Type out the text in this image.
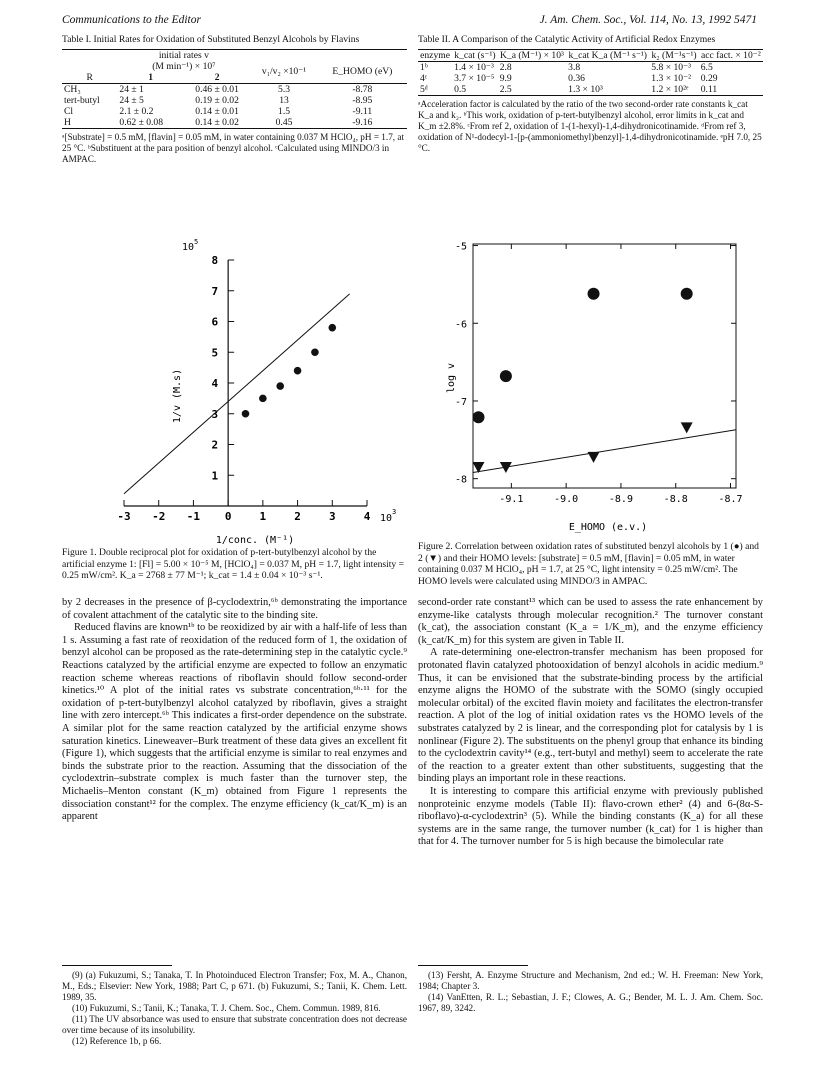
Communications to the Editor	J. Am. Chem. Soc., Vol. 114, No. 13, 1992 5471
Table I. Initial Rates for Oxidation of Substituted Benzyl Alcohols by Flavins
	initial rates v			
	(M min⁻¹) × 10⁷		v₁/v₂ ×10⁻¹	E_HOMO (eV)
R	1	2		
CH₃	24 ± 1	0.46 ± 0.01	5.3	-8.78
tert-butyl	24 ± 5	0.19 ± 0.02	13	-8.95
Cl	2.1 ± 0.2	0.14 ± 0.01	1.5	-9.11
H	0.62 ± 0.08	0.14 ± 0.02	0.45	-9.16
ᵃ[Substrate] = 0.5 mM, [flavin] = 0.05 mM, in water containing 0.037 M HClO₄, pH = 1.7, at 25 °C. ᵇSubstituent at the para position of benzyl alcohol. ᶜCalculated using MINDO/3 in AMPAC.
10 5
10
3
1/v (M.s)
1/conc. (M⁻¹)
-3 -2 -1 0	1	2	3	4
1
2
3
4
5
6
7
8
Figure 1. Double reciprocal plot for oxidation of p-tert-butylbenzyl alcohol by the artificial enzyme 1: [Fl] = 5.00 × 10⁻⁵ M, [HClO₄] = 0.037 M, pH = 1.7, light intensity = 0.25 mW/cm². K_a = 2768 ± 77 M⁻¹; k_cat = 1.4 ± 0.04 × 10⁻³ s⁻¹.

by 2 decreases in the presence of β-cyclodextrin,⁶ᵇ demonstrating the importance of covalent attachment of the catalytic site to the binding site.

Reduced flavins are known¹ᵇ to be reoxidized by air with a half-life of less than 1 s. Assuming a fast rate of reoxidation of the reduced form of 1, the oxidation of benzyl alcohol can be proposed as the rate-determining step in the catalytic cycle.⁹ Reactions catalyzed by the artificial enzyme are expected to follow an enzymatic reaction scheme whereas reactions of riboflavin should follow second-order kinetics.¹⁰ A plot of the initial rates vs substrate concentration,⁶ᵇ·¹¹ for the oxidation of p-tert-butylbenzyl alcohol catalyzed by riboflavin, gives a straight line with zero intercept.⁶ᵇ This indicates a first-order dependence on the substrate. A similar plot for the same reaction catalyzed by the artificial enzyme shows saturation kinetics. Lineweaver–Burk treatment of these data gives an excellent fit (Figure 1), which suggests that the artificial enzyme is similar to real enzymes and binds the substrate prior to the reaction. Assuming that the dissociation of the cyclodextrin–substrate complex is much faster than the turnover step, the Michaelis–Menton constant (K_m) obtained from Figure 1 represents the dissociation constant¹² for the complex. The enzyme efficiency (k_cat/K_m) is an apparent

(9) (a) Fukuzumi, S.; Tanaka, T. In Photoinduced Electron Transfer; Fox, M. A., Chanon, M., Eds.; Elsevier: New York, 1988; Part C, p 671. (b) Fukuzumi, S.; Tanii, K. Chem. Lett. 1989, 35.
(10) Fukuzumi, S.; Tanii, K.; Tanaka, T. J. Chem. Soc., Chem. Commun. 1989, 816.
(11) The UV absorbance was used to ensure that substrate concentration does not decrease over time because of its insolubility.
(12) Reference 1b, p 66.
Table II. A Comparison of the Catalytic Activity of Artificial Redox Enzymes
enzyme	k_cat (s⁻¹)	K_a (M⁻¹) × 10³	k_cat K_a (M⁻¹ s⁻¹)	k₂ (M⁻¹s⁻¹)	acc fact. × 10⁻²
1ᵇ	1.4 × 10⁻³	2.8	3.8	5.8 × 10⁻³	6.5
4ᶜ	3.7 × 10⁻⁵	9.9	0.36	1.3 × 10⁻²	0.29
5ᵈ	0.5	2.5	1.3 × 10³	1.2 × 10²ᵉ	0.11
ᵃAcceleration factor is calculated by the ratio of the two second-order rate constants k_cat K_a and k₂. ᵇThis work, oxidation of p-tert-butylbenzyl alcohol, error limits in k_cat and K_m ±2.8%. ᶜFrom ref 2, oxidation of 1-(1-hexyl)-1,4-dihydronicotinamide. ᵈFrom ref 3, oxidation of N¹-dodecyl-1-[p-(ammoniomethyl)benzyl]-1,4-dihydronicotinamide. ᵉpH 7.0, 25 °C.
log v
E_HOMO (e.v.)
-9.1	-9.0	-8.9	-8.8	-8.7
-5
-6
-7
-8
Figure 2. Correlation between oxidation rates of substituted benzyl alcohols by 1 (●) and 2 (▼) and their HOMO levels: [substrate] = 0.5 mM, [flavin] = 0.05 mM, in water containing 0.037 M HClO₄, pH = 1.7, at 25 °C, light intensity = 0.25 mW/cm². The HOMO levels were calculated using MINDO/3 in AMPAC.

second-order rate constant¹³ which can be used to assess the rate enhancement by enzyme-like catalysts through molecular recognition.² The turnover constant (k_cat), the association constant (K_a = 1/K_m), and the enzyme efficiency (k_cat/K_m) for this system are given in Table II.

A rate-determining one-electron-transfer mechanism has been proposed for protonated flavin catalyzed photooxidation of benzyl alcohols in acidic medium.⁹ Thus, it can be envisioned that the substrate-binding process by the artificial enzyme aligns the HOMO of the substrate with the SOMO (singly occupied molecular orbital) of the excited flavin moiety and facilitates the electron-transfer reaction. A plot of the log of initial oxidation rates vs the HOMO levels of the substrates catalyzed by 2 is linear, and the corresponding plot for catalysis by 1 is nonlinear (Figure 2). The substituents on the phenyl group that enhance its binding to the cyclodextrin cavity¹⁴ (e.g., tert-butyl and methyl) seem to accelerate the rate of the reaction to a greater extent than other substituents, suggesting that the binding plays an important role in these reactions.

It is interesting to compare this artificial enzyme with previously published nonproteinic enzyme models (Table II): flavo-crown ether² (4) and 6-(8α-S-riboflavo)-α-cyclodextrin³ (5). While the binding constants (K_a) for all these systems are in the same range, the turnover number (k_cat) for 1 is higher than that for 4. The turnover number for 5 is high because the bimolecular rate

(13) Fersht, A. Enzyme Structure and Mechanism, 2nd ed.; W. H. Freeman: New York, 1984; Chapter 3.
(14) VanEtten, R. L.; Sebastian, J. F.; Clowes, A. G.; Bender, M. L. J. Am. Chem. Soc. 1967, 89, 3242.
